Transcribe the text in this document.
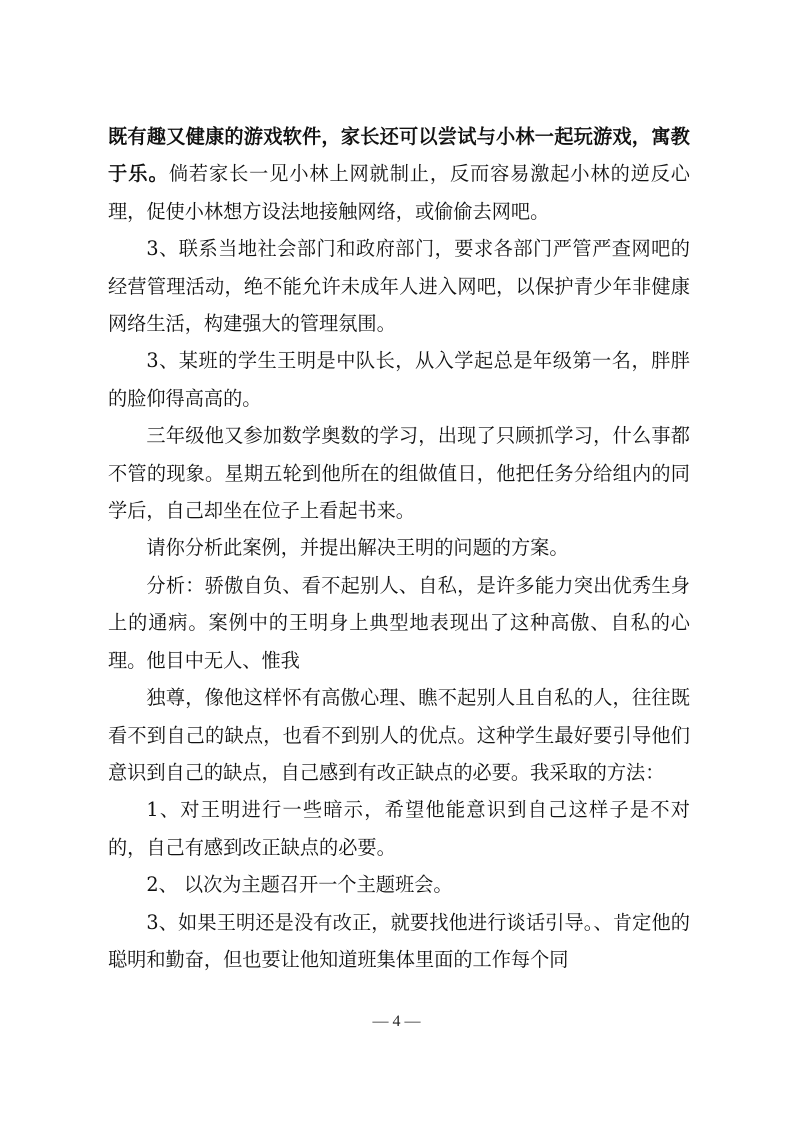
既有趣又健康的游戏软件，家长还可以尝试与小林一起玩游戏，寓教于乐。倘若家长一见小林上网就制止，反而容易激起小林的逆反心理，促使小林想方设法地接触网络，或偷偷去网吧。

3、联系当地社会部门和政府部门，要求各部门严管严查网吧的经营管理活动，绝不能允许未成年人进入网吧，以保护青少年非健康网络生活，构建强大的管理氛围。

3、某班的学生王明是中队长，从入学起总是年级第一名，胖胖的脸仰得高高的。

三年级他又参加数学奥数的学习，出现了只顾抓学习，什么事都不管的现象。星期五轮到他所在的组做值日，他把任务分给组内的同学后，自己却坐在位子上看起书来。

请你分析此案例，并提出解决王明的问题的方案。

分析：骄傲自负、看不起别人、自私，是许多能力突出优秀生身上的通病。案例中的王明身上典型地表现出了这种高傲、自私的心理。他目中无人、惟我

独尊，像他这样怀有高傲心理、瞧不起别人且自私的人，往往既看不到自己的缺点，也看不到别人的优点。这种学生最好要引导他们意识到自己的缺点，自己感到有改正缺点的必要。我采取的方法：

1、对王明进行一些暗示，希望他能意识到自己这样子是不对的，自己有感到改正缺点的必要。

2、 以次为主题召开一个主题班会。

3、如果王明还是没有改正，就要找他进行谈话引导。、肯定他的聪明和勤奋，但也要让他知道班集体里面的工作每个同

— 4 —
